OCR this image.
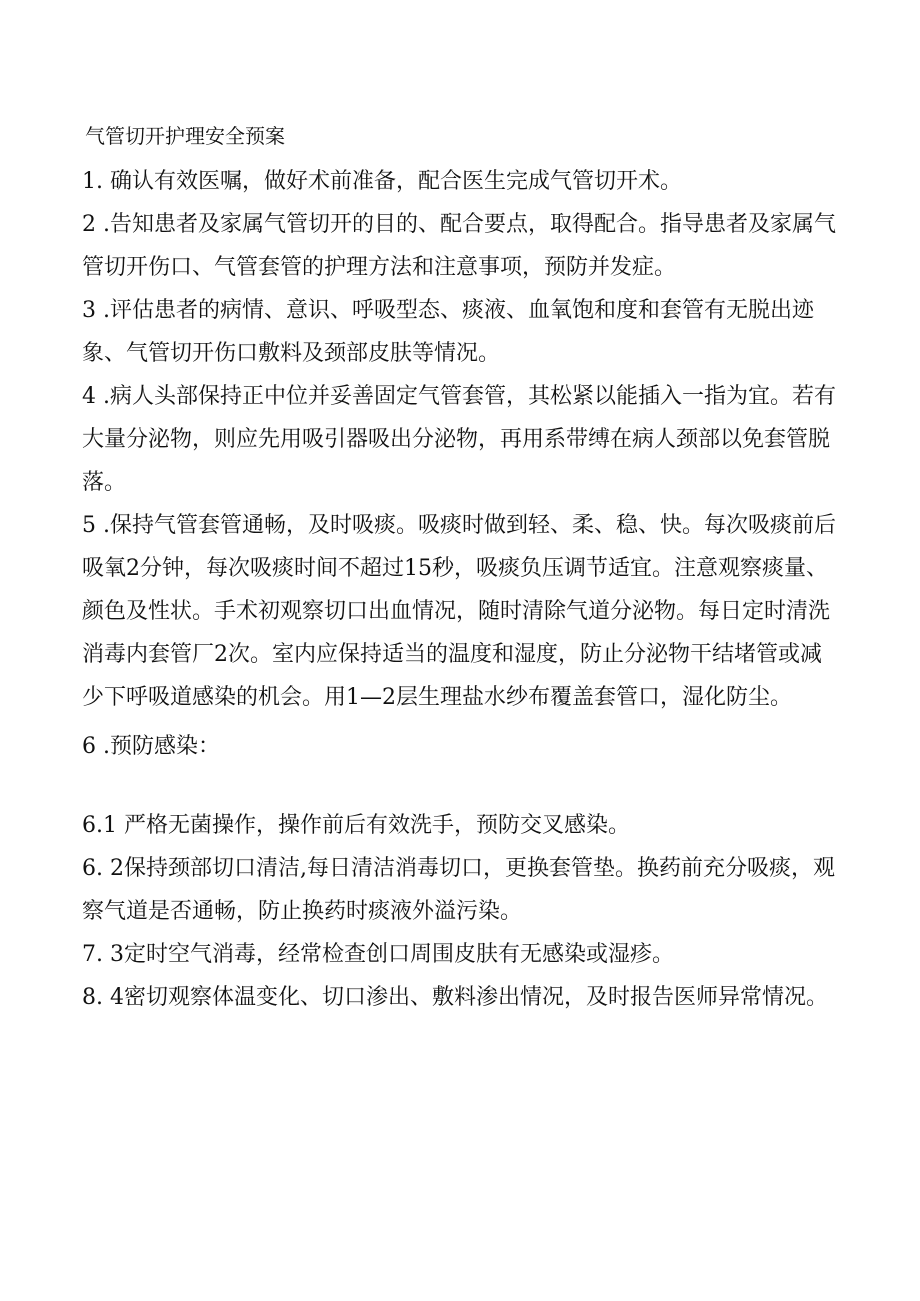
气管切开护理安全预案

1. 确认有效医嘱，做好术前准备，配合医生完成气管切开术。

2 .告知患者及家属气管切开的目的、配合要点，取得配合。指导患者及家属气管切开伤口、气管套管的护理方法和注意事项，预防并发症。

3 .评估患者的病情、意识、呼吸型态、痰液、血氧饱和度和套管有无脱出迹象、气管切开伤口敷料及颈部皮肤等情况。

4 .病人头部保持正中位并妥善固定气管套管，其松紧以能插入一指为宜。若有大量分泌物，则应先用吸引器吸出分泌物，再用系带缚在病人颈部以免套管脱落。

5 .保持气管套管通畅，及时吸痰。吸痰时做到轻、柔、稳、快。每次吸痰前后吸氧2分钟，每次吸痰时间不超过15秒，吸痰负压调节适宜。注意观察痰量、颜色及性状。手术初观察切口出血情况，随时清除气道分泌物。每日定时清洗消毒内套管厂2次。室内应保持适当的温度和湿度，防止分泌物干结堵管或减少下呼吸道感染的机会。用1—2层生理盐水纱布覆盖套管口，湿化防尘。

6 .预防感染：

6.1 严格无菌操作，操作前后有效洗手，预防交叉感染。

6. 2保持颈部切口清洁,每日清洁消毒切口，更换套管垫。换药前充分吸痰，观察气道是否通畅，防止换药时痰液外溢污染。

7. 3定时空气消毒，经常检查创口周围皮肤有无感染或湿疹。

8. 4密切观察体温变化、切口渗出、敷料渗出情况，及时报告医师异常情况。
